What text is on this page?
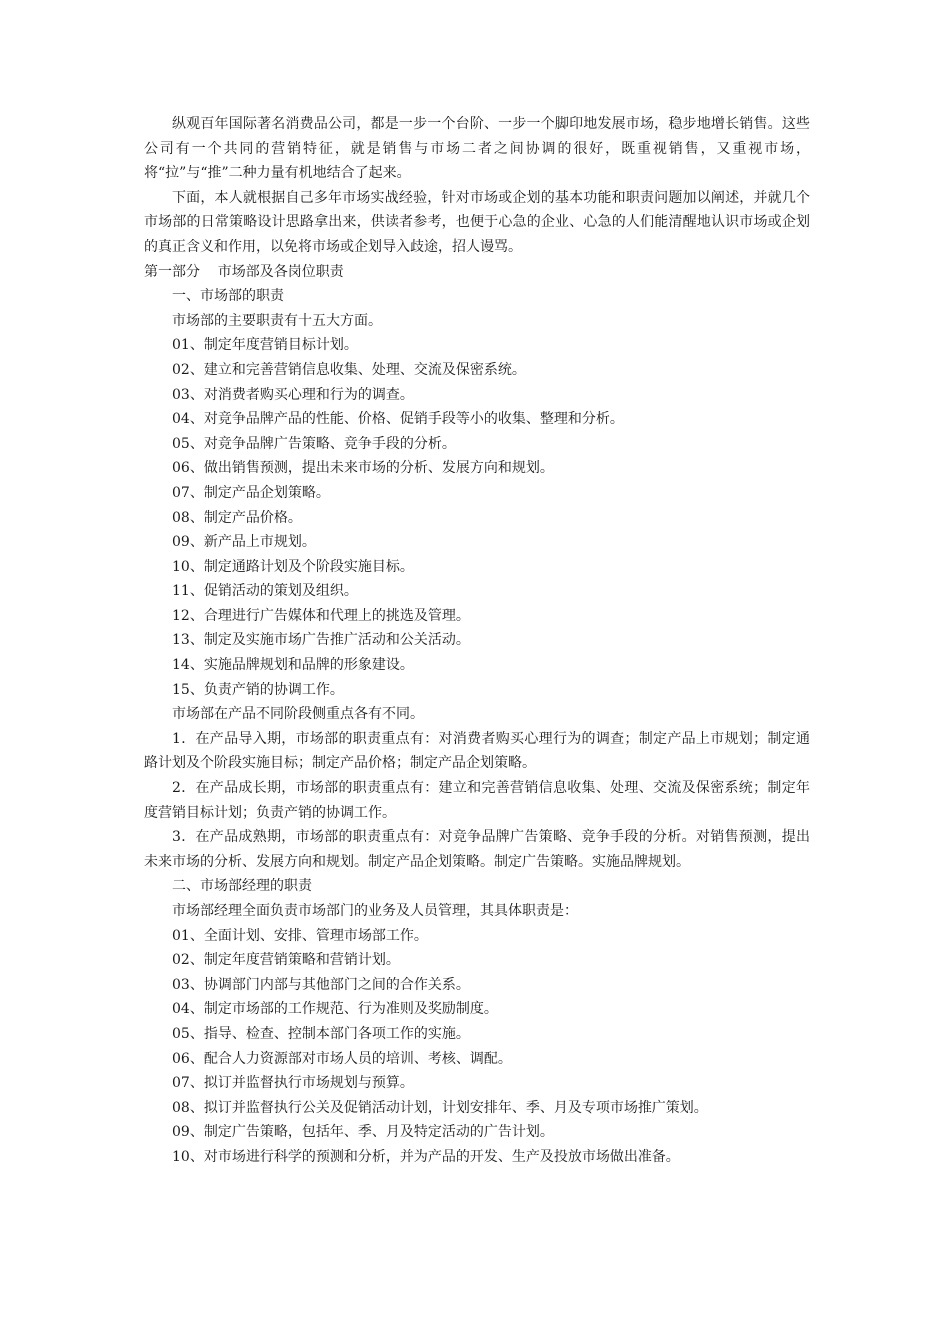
纵观百年国际著名消费品公司，都是一步一个台阶、一步一个脚印地发展市场，稳步地增长销售。这些公司有一个共同的营销特征，就是销售与市场二者之间协调的很好，既重视销售，又重视市场，将“拉”与“推”二种力量有机地结合了起来。

下面，本人就根据自己多年市场实战经验，针对市场或企划的基本功能和职责问题加以阐述，并就几个市场部的日常策略设计思路拿出来，供读者参考，也便于心急的企业、心急的人们能清醒地认识市场或企划的真正含义和作用，以免将市场或企划导入歧途，招人谩骂。

第一部分    市场部及各岗位职责

一、市场部的职责

市场部的主要职责有十五大方面。

01、制定年度营销目标计划。

02、建立和完善营销信息收集、处理、交流及保密系统。

03、对消费者购买心理和行为的调查。

04、对竞争品牌产品的性能、价格、促销手段等小的收集、整理和分析。

05、对竞争品牌广告策略、竞争手段的分析。

06、做出销售预测，提出未来市场的分析、发展方向和规划。

07、制定产品企划策略。

08、制定产品价格。

09、新产品上市规划。

10、制定通路计划及个阶段实施目标。

11、促销活动的策划及组织。

12、合理进行广告媒体和代理上的挑选及管理。

13、制定及实施市场广告推广活动和公关活动。

14、实施品牌规划和品牌的形象建设。

15、负责产销的协调工作。

市场部在产品不同阶段侧重点各有不同。

1．在产品导入期，市场部的职责重点有：对消费者购买心理行为的调查；制定产品上市规划；制定通路计划及个阶段实施目标；制定产品价格；制定产品企划策略。

2．在产品成长期，市场部的职责重点有：建立和完善营销信息收集、处理、交流及保密系统；制定年度营销目标计划；负责产销的协调工作。

3．在产品成熟期，市场部的职责重点有：对竞争品牌广告策略、竞争手段的分析。对销售预测，提出未来市场的分析、发展方向和规划。制定产品企划策略。制定广告策略。实施品牌规划。

二、市场部经理的职责

市场部经理全面负责市场部门的业务及人员管理，其具体职责是：

01、全面计划、安排、管理市场部工作。

02、制定年度营销策略和营销计划。

03、协调部门内部与其他部门之间的合作关系。

04、制定市场部的工作规范、行为准则及奖励制度。

05、指导、检查、控制本部门各项工作的实施。

06、配合人力资源部对市场人员的培训、考核、调配。

07、拟订并监督执行市场规划与预算。

08、拟订并监督执行公关及促销活动计划，计划安排年、季、月及专项市场推广策划。

09、制定广告策略，包括年、季、月及特定活动的广告计划。

10、对市场进行科学的预测和分析，并为产品的开发、生产及投放市场做出准备。
